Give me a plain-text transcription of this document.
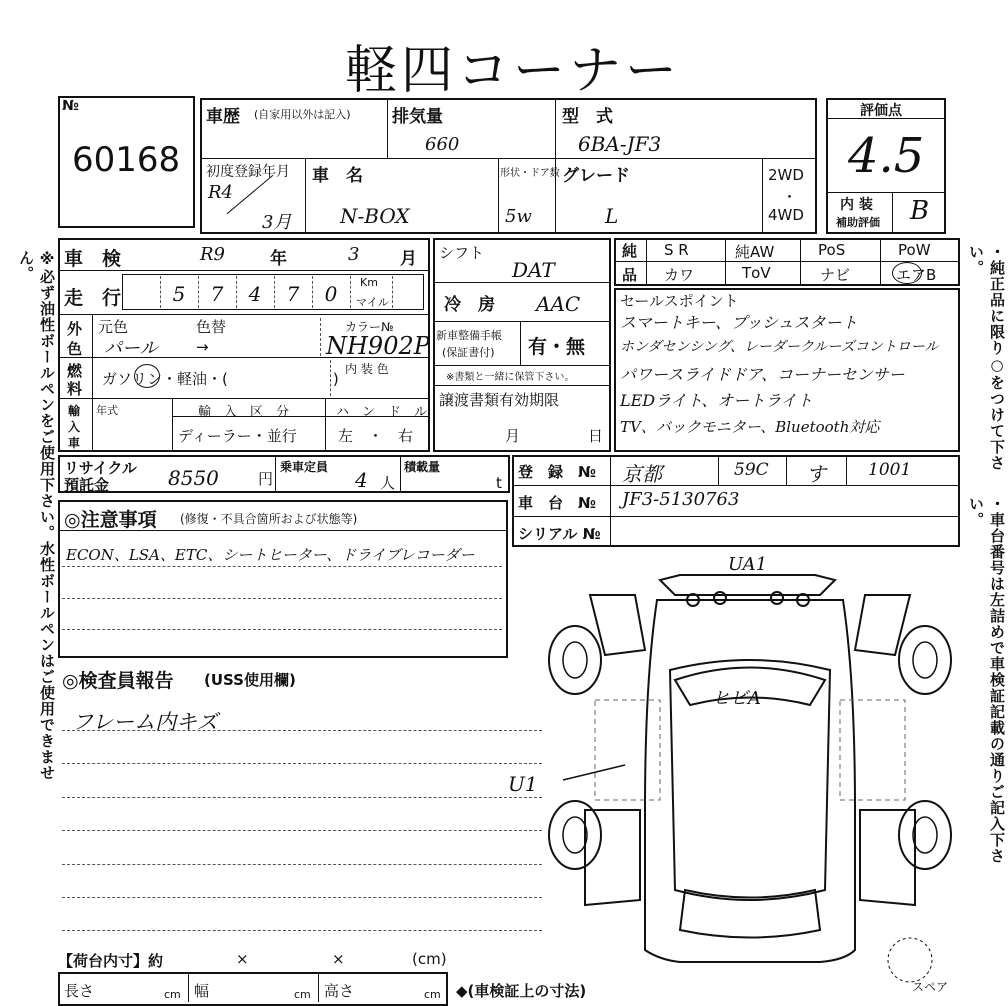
軽四コーナー
№
60168
車歴 (自家用以外は記入) 排気量
660
型　式
6BA-JF3
初度登録年月
R4
3月
車　名
N-BOX
形状・ドア数
5w
グレード
L
2WD
・
4WD
評価点
4.5
内 装
補助評価 B
車　検	R9	年	3 月
走　行	5	7	4	7	0	Km
マイル
外
色
元色	色替	カラー№
パール	→	NH902P
燃
料
ガソリン・軽油・(　　　　　　　)
内 装 色
輸
入
車
年式	輸　入　区　分
ディーラー・並行
ハ　ン　ド　ル
左　・　右
シフト
DAT
冷　房 AAC
新車整備手帳
(保証書付) 有・無
※書類と一緒に保管下さい。
譲渡書類有効期限
月	日
純
品
S R	純AW	PoS	PoW
カワ	TоV	ナビ	エアB
セールスポイント
スマートキー、プッシュスタート
ホンダセンシング、レーダークルーズコントロール
パワースライドドア、コーナーセンサー
LEDライト、オートライト
TV、バックモニター、Bluetooth対応
リサイクル
預託金	8550	円
乗車定員
4 人
積載量
t
登　録　№ 京都	59C す 1001
車　台　№ JF3-5130763
シリアル №
◎注意事項 (修復・不具合箇所および状態等)
ECON、LSA、ETC、シートヒーター、ドライブレコーダー
◎検査員報告 (USS使用欄)
フレーム内キズ
UA1
ヒビA
U1
スペア
【荷台内寸】約	×	×	(cm)
長さ	cm 幅	cm 高さ	cm ◆(車検証上の寸法)
※必ず油性ボールペンをご使用下さい。水性ボールペンはご使用できません。	・純正品に限り○をつけて下さい。
・車台番号は左詰めで車検証記載の通りご記入下さい。
